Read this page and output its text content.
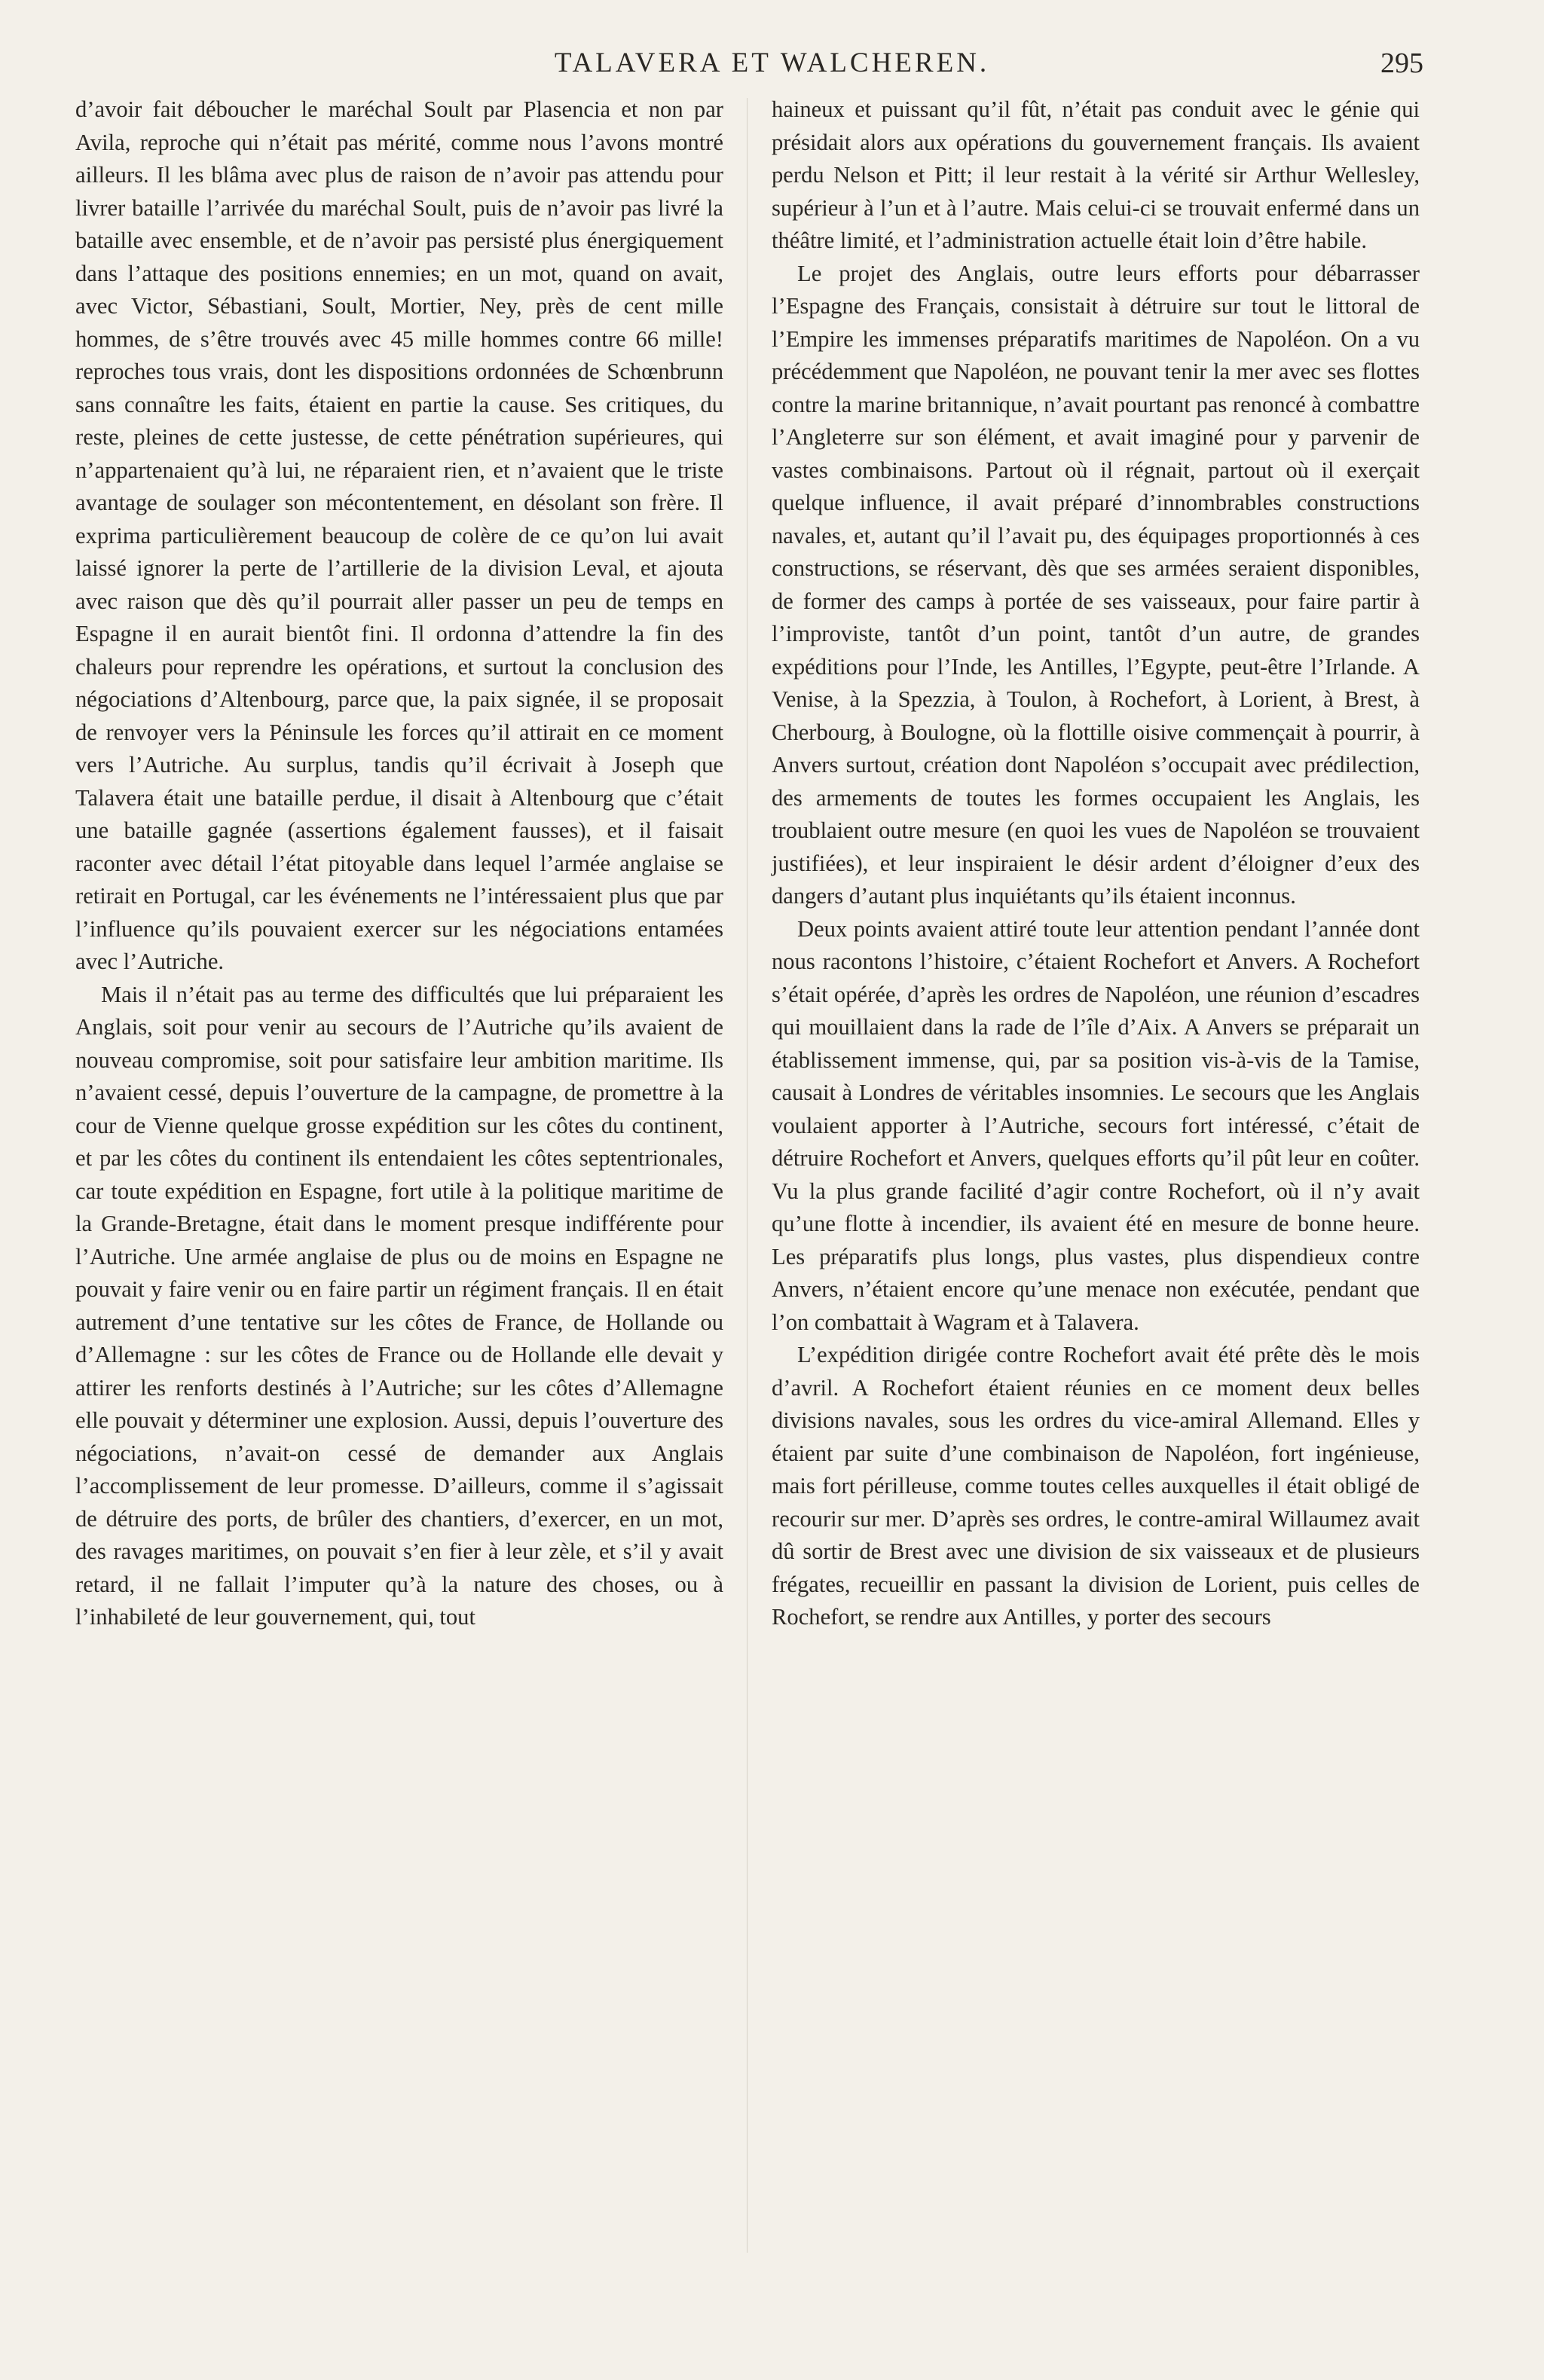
TALAVERA ET WALCHEREN.	295

d’avoir fait déboucher le maréchal Soult par Plasencia et non par Avila, reproche qui n’était pas mérité, comme nous l’avons montré ailleurs. Il les blâma avec plus de raison de n’avoir pas attendu pour livrer bataille l’arrivée du maréchal Soult, puis de n’avoir pas livré la bataille avec ensemble, et de n’avoir pas persisté plus énergiquement dans l’attaque des positions ennemies; en un mot, quand on avait, avec Victor, Sébastiani, Soult, Mortier, Ney, près de cent mille hommes, de s’être trouvés avec 45 mille hommes contre 66 mille! reproches tous vrais, dont les dispositions ordonnées de Schœnbrunn sans connaître les faits, étaient en partie la cause. Ses critiques, du reste, pleines de cette justesse, de cette pénétration supérieures, qui n’appartenaient qu’à lui, ne réparaient rien, et n’avaient que le triste avantage de soulager son mécontentement, en désolant son frère. Il exprima particulièrement beaucoup de colère de ce qu’on lui avait laissé ignorer la perte de l’artillerie de la division Leval, et ajouta avec raison que dès qu’il pourrait aller passer un peu de temps en Espagne il en aurait bientôt fini. Il ordonna d’attendre la fin des chaleurs pour reprendre les opérations, et surtout la conclusion des négociations d’Altenbourg, parce que, la paix signée, il se proposait de renvoyer vers la Péninsule les forces qu’il attirait en ce moment vers l’Autriche. Au surplus, tandis qu’il écrivait à Joseph que Talavera était une bataille perdue, il disait à Altenbourg que c’était une bataille gagnée (assertions également fausses), et il faisait raconter avec détail l’état pitoyable dans lequel l’armée anglaise se retirait en Portugal, car les événements ne l’intéressaient plus que par l’influence qu’ils pouvaient exercer sur les négociations entamées avec l’Autriche.

Mais il n’était pas au terme des difficultés que lui préparaient les Anglais, soit pour venir au secours de l’Autriche qu’ils avaient de nouveau compromise, soit pour satisfaire leur ambition maritime. Ils n’avaient cessé, depuis l’ouverture de la campagne, de promettre à la cour de Vienne quelque grosse expédition sur les côtes du continent, et par les côtes du continent ils entendaient les côtes septentrionales, car toute expédition en Espagne, fort utile à la politique maritime de la Grande-Bretagne, était dans le moment presque indifférente pour l’Autriche. Une armée anglaise de plus ou de moins en Espagne ne pouvait y faire venir ou en faire partir un régiment français. Il en était autrement d’une tentative sur les côtes de France, de Hollande ou d’Allemagne : sur les côtes de France ou de Hollande elle devait y attirer les renforts destinés à l’Autriche; sur les côtes d’Allemagne elle pouvait y déterminer une explosion. Aussi, depuis l’ouverture des négociations, n’avait-on cessé de demander aux Anglais l’accomplissement de leur promesse. D’ailleurs, comme il s’agissait de détruire des ports, de brûler des chantiers, d’exercer, en un mot, des ravages maritimes, on pouvait s’en fier à leur zèle, et s’il y avait retard, il ne fallait l’imputer qu’à la nature des choses, ou à l’inhabileté de leur gouvernement, qui, tout

haineux et puissant qu’il fût, n’était pas conduit avec le génie qui présidait alors aux opérations du gouvernement français. Ils avaient perdu Nelson et Pitt; il leur restait à la vérité sir Arthur Wellesley, supérieur à l’un et à l’autre. Mais celui-ci se trouvait enfermé dans un théâtre limité, et l’administration actuelle était loin d’être habile.

Le projet des Anglais, outre leurs efforts pour débarrasser l’Espagne des Français, consistait à détruire sur tout le littoral de l’Empire les immenses préparatifs maritimes de Napoléon. On a vu précédemment que Napoléon, ne pouvant tenir la mer avec ses flottes contre la marine britannique, n’avait pourtant pas renoncé à combattre l’Angleterre sur son élément, et avait imaginé pour y parvenir de vastes combinaisons. Partout où il régnait, partout où il exerçait quelque influence, il avait préparé d’innombrables constructions navales, et, autant qu’il l’avait pu, des équipages proportionnés à ces constructions, se réservant, dès que ses armées seraient disponibles, de former des camps à portée de ses vaisseaux, pour faire partir à l’improviste, tantôt d’un point, tantôt d’un autre, de grandes expéditions pour l’Inde, les Antilles, l’Egypte, peut-être l’Irlande. A Venise, à la Spezzia, à Toulon, à Rochefort, à Lorient, à Brest, à Cherbourg, à Boulogne, où la flottille oisive commençait à pourrir, à Anvers surtout, création dont Napoléon s’occupait avec prédilection, des armements de toutes les formes occupaient les Anglais, les troublaient outre mesure (en quoi les vues de Napoléon se trouvaient justifiées), et leur inspiraient le désir ardent d’éloigner d’eux des dangers d’autant plus inquiétants qu’ils étaient inconnus.

Deux points avaient attiré toute leur attention pendant l’année dont nous racontons l’histoire, c’étaient Rochefort et Anvers. A Rochefort s’était opérée, d’après les ordres de Napoléon, une réunion d’escadres qui mouillaient dans la rade de l’île d’Aix. A Anvers se préparait un établissement immense, qui, par sa position vis-à-vis de la Tamise, causait à Londres de véritables insomnies. Le secours que les Anglais voulaient apporter à l’Autriche, secours fort intéressé, c’était de détruire Rochefort et Anvers, quelques efforts qu’il pût leur en coûter. Vu la plus grande facilité d’agir contre Rochefort, où il n’y avait qu’une flotte à incendier, ils avaient été en mesure de bonne heure. Les préparatifs plus longs, plus vastes, plus dispendieux contre Anvers, n’étaient encore qu’une menace non exécutée, pendant que l’on combattait à Wagram et à Talavera.

L’expédition dirigée contre Rochefort avait été prête dès le mois d’avril. A Rochefort étaient réunies en ce moment deux belles divisions navales, sous les ordres du vice-amiral Allemand. Elles y étaient par suite d’une combinaison de Napoléon, fort ingénieuse, mais fort périlleuse, comme toutes celles auxquelles il était obligé de recourir sur mer. D’après ses ordres, le contre-amiral Willaumez avait dû sortir de Brest avec une division de six vaisseaux et de plusieurs frégates, recueillir en passant la division de Lorient, puis celles de Rochefort, se rendre aux Antilles, y porter des secours
